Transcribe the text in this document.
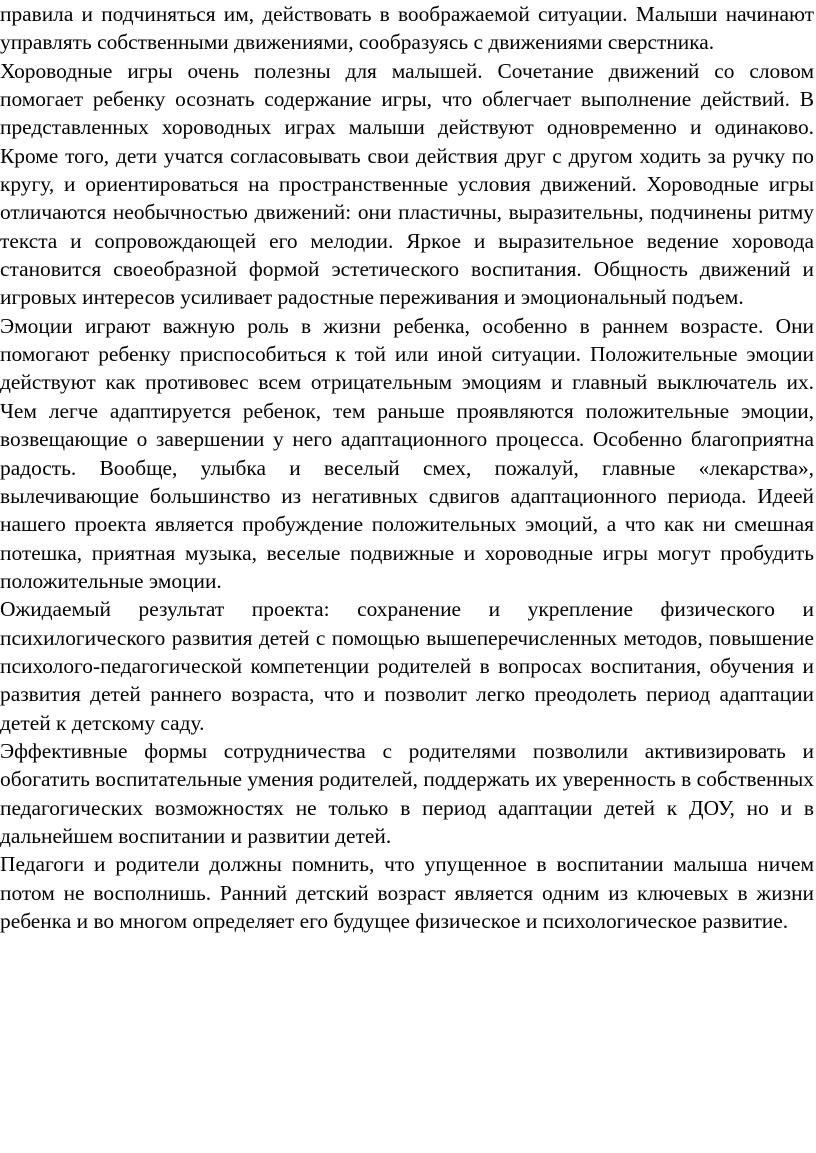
правила и подчиняться им, действовать в воображаемой ситуации. Малыши начинают управлять собственными движениями, сообразуясь с движениями сверстника.

Хороводные игры очень полезны для малышей. Сочетание движений со словом помогает ребенку осознать содержание игры, что облегчает выполнение действий. В представленных хороводных играх малыши действуют одновременно и одинаково. Кроме того, дети учатся согласовывать свои действия друг с другом ходить за ручку по кругу, и ориентироваться на пространственные условия движений. Хороводные игры отличаются необычностью движений: они пластичны, выразительны, подчинены ритму текста и сопровождающей его мелодии. Яркое и выразительное ведение хоровода становится своеобразной формой эстетического воспитания. Общность движений и игровых интересов усиливает радостные переживания и эмоциональный подъем.

Эмоции играют важную роль в жизни ребенка, особенно в раннем возрасте. Они помогают ребенку приспособиться к той или иной ситуации. Положительные эмоции действуют как противовес всем отрицательным эмоциям и главный выключатель их. Чем легче адаптируется ребенок, тем раньше проявляются положительные эмоции, возвещающие о завершении у него адаптационного процесса. Особенно благоприятна радость. Вообще, улыбка и веселый смех, пожалуй, главные «лекарства», вылечивающие большинство из негативных сдвигов адаптационного периода. Идеей нашего проекта является пробуждение положительных эмоций, а что как ни смешная потешка, приятная музыка, веселые подвижные и хороводные игры могут пробудить положительные эмоции.

Ожидаемый результат проекта: сохранение и укрепление физического и психилогического развития детей с помощью вышеперечисленных методов, повышение психолого-педагогической компетенции родителей в вопросах воспитания, обучения и развития детей раннего возраста, что и позволит легко преодолеть период адаптации детей к детскому саду.

Эффективные формы сотрудничества с родителями позволили активизировать и обогатить воспитательные умения родителей, поддержать их уверенность в собственных педагогических возможностях не только в период адаптации детей к ДОУ, но и в дальнейшем воспитании и развитии детей.

Педагоги и родители должны помнить, что упущенное в воспитании малыша ничем потом не восполнишь. Ранний детский возраст является одним из ключевых в жизни ребенка и во многом определяет его будущее физическое и психологическое развитие.
